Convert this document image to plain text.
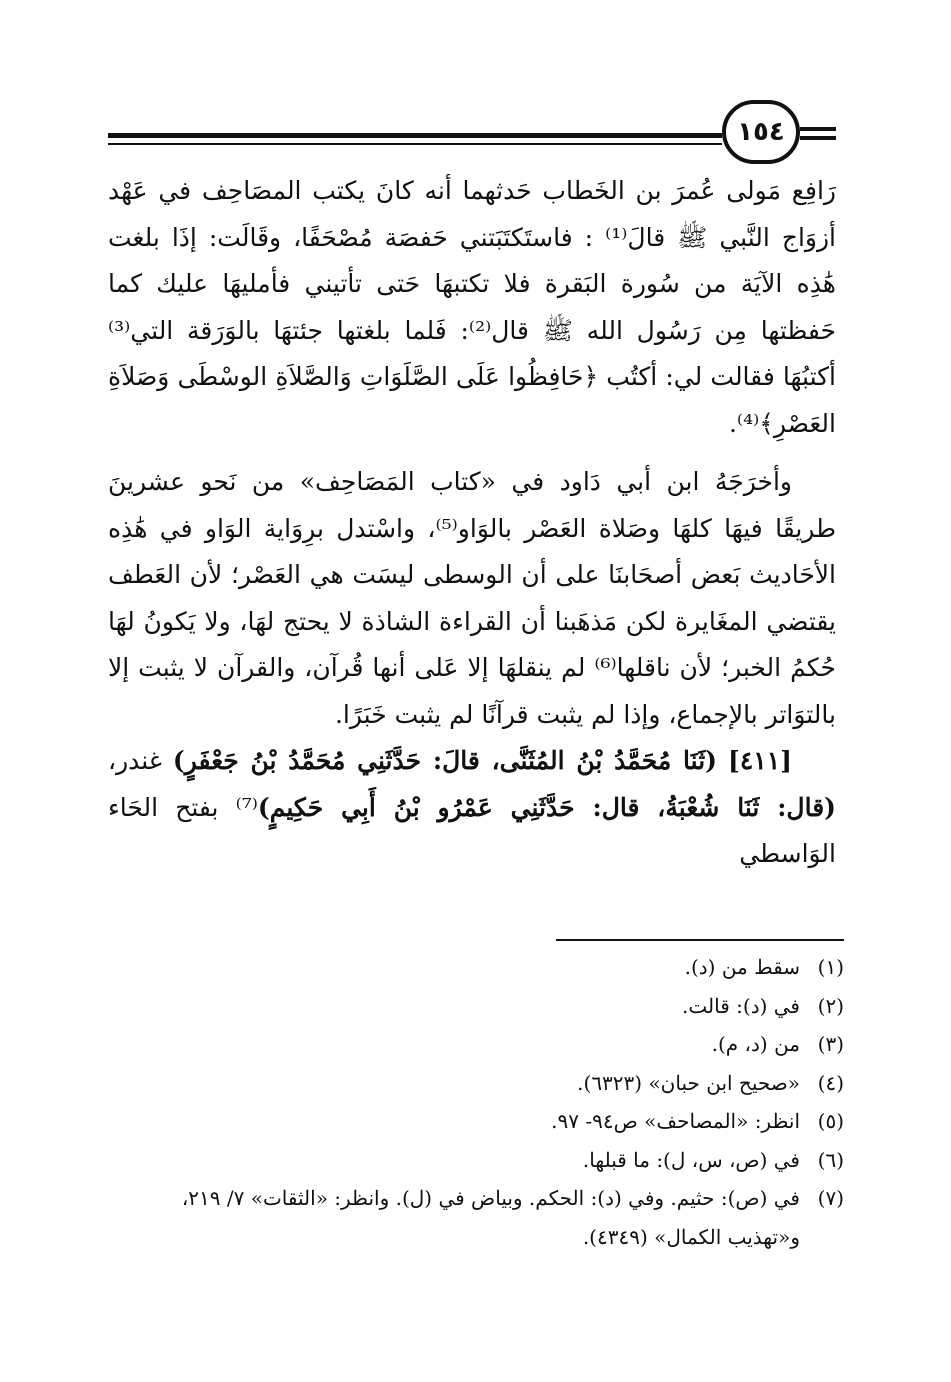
١٥٤

رَافِع مَولى عُمرَ بن الخَطاب حَدثهما أنه كانَ يكتب المصَاحِف في عَهْد أزوَاج النَّبي ﷺ قالَ⁽¹⁾ : فاستَكتَبَتني حَفصَة مُصْحَفًا، وقَالَت: إذَا بلغت هَٰذِه الآيَة من سُورة البَقرة فلا تكتبهَا حَتى تأتيني فأمليهَا عليك كما حَفظتها مِن رَسُول الله ﷺ قال⁽²⁾: فَلما بلغتها جئتهَا بالوَرَقة التي⁽³⁾ أكتبُهَا فقالت لي: أكتُب ﴿حَافِظُوا عَلَى الصَّلَوَاتِ وَالصَّلاَةِ الوسْطَى وَصَلاَةِ العَصْرِ﴾⁽⁴⁾.

وأخرَجَهُ ابن أبي دَاود في «كتاب المَصَاحِف» من نَحو عشرينَ طريقًا فيهَا كلهَا وصَلاة العَصْر بالوَاو⁽⁵⁾، واسْتدل برِوَاية الوَاو في هَٰذِه الأحَاديث بَعض أصحَابنَا على أن الوسطى ليسَت هي العَصْر؛ لأن العَطف يقتضي المغَايرة لكن مَذهَبنا أن القراءة الشاذة لا يحتج لهَا، ولا يَكونُ لهَا حُكمُ الخبر؛ لأن ناقلها⁽⁶⁾ لم ينقلهَا إلا عَلى أنها قُرآن، والقرآن لا يثبت إلا بالتوَاتر بالإجماع، وإذا لم يثبت قرآنًا لم يثبت خَبَرًا.

[٤١١] (ثَنَا مُحَمَّدُ بْنُ المُثَنَّى، قالَ: حَدَّثَنِي مُحَمَّدُ بْنُ جَعْفَرٍ) غندر، (قال: ثَنَا شُعْبَةُ، قال: حَدَّثَنِي عَمْرُو بْنُ أَبِي حَكِيمٍ)⁽⁷⁾ بفتح الحَاء الوَاسطي

(١)
سقط من (د).
(٢)
في (د): قالت.
(٣)
من (د، م).
(٤)
«صحيح ابن حبان» (٦٣٢٣).
(٥)
انظر: «المصاحف» ص٩٤- ٩٧.
(٦)
في (ص، س، ل): ما قبلها.
(٧)
في (ص): حثيم. وفي (د): الحكم. وبياض في (ل). وانظر: «الثقات» ٧/ ٢١٩، و«تهذيب الكمال» (٤٣٤٩).
